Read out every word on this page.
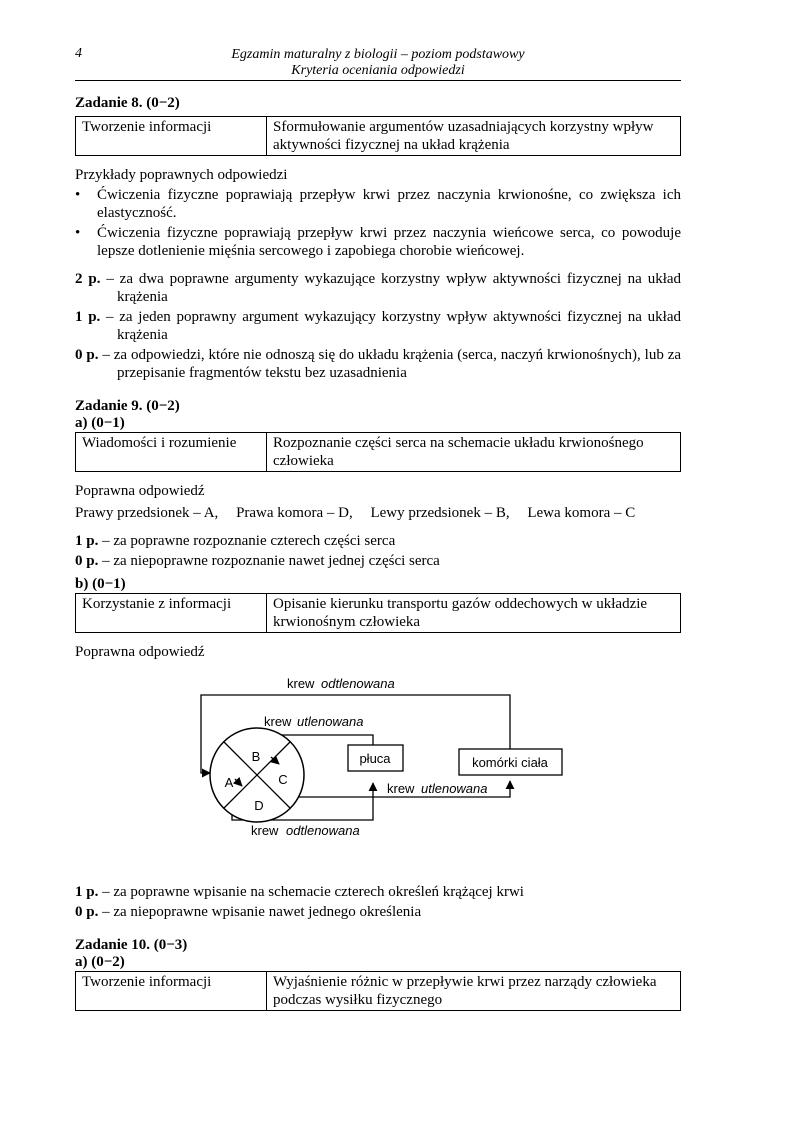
4	Egzamin maturalny z biologii – poziom podstawowy
Kryteria oceniania odpowiedzi
Zadanie 8. (0−2)
Tworzenie informacji	Sformułowanie argumentów uzasadniających korzystny wpływ aktywności fizycznej na układ krążenia

Przykłady poprawnych odpowiedzi

• Ćwiczenia fizyczne poprawiają przepływ krwi przez naczynia krwionośne, co zwiększa ich elastyczność.
• Ćwiczenia fizyczne poprawiają przepływ krwi przez naczynia wieńcowe serca, co powoduje lepsze dotlenienie mięśnia sercowego i zapobiega chorobie wieńcowej.

2 p. – za dwa poprawne argumenty wykazujące korzystny wpływ aktywności fizycznej na układ krążenia

1 p. – za jeden poprawny argument wykazujący korzystny wpływ aktywności fizycznej na układ krążenia

0 p. – za odpowiedzi, które nie odnoszą się do układu krążenia (serca, naczyń krwionośnych), lub za przepisanie fragmentów tekstu bez uzasadnienia

Zadanie 9. (0−2)
a) (0−1)
Wiadomości i rozumienie	Rozpoznanie części serca na schemacie układu krwionośnego człowieka

Poprawna odpowiedź

Prawy przedsionek – A, Prawa komora – D, Lewy przedsionek – B, Lewa komora – C

1 p. – za poprawne rozpoznanie czterech części serca

0 p. – za niepoprawne rozpoznanie nawet jednej części serca

b) (0−1)
Korzystanie z informacji	Opisanie kierunku transportu gazów oddechowych w układzie krwionośnym człowieka

Poprawna odpowiedź

krew odtlenowana
krew utlenowana
krew odtlenowana
krew utlenowana
płuca	komórki ciała
B
C
A
D

1 p. – za poprawne wpisanie na schemacie czterech określeń krążącej krwi

0 p. – za niepoprawne wpisanie nawet jednego określenia

Zadanie 10. (0−3)
a) (0−2)
Tworzenie informacji	Wyjaśnienie różnic w przepływie krwi przez narządy człowieka podczas wysiłku fizycznego
